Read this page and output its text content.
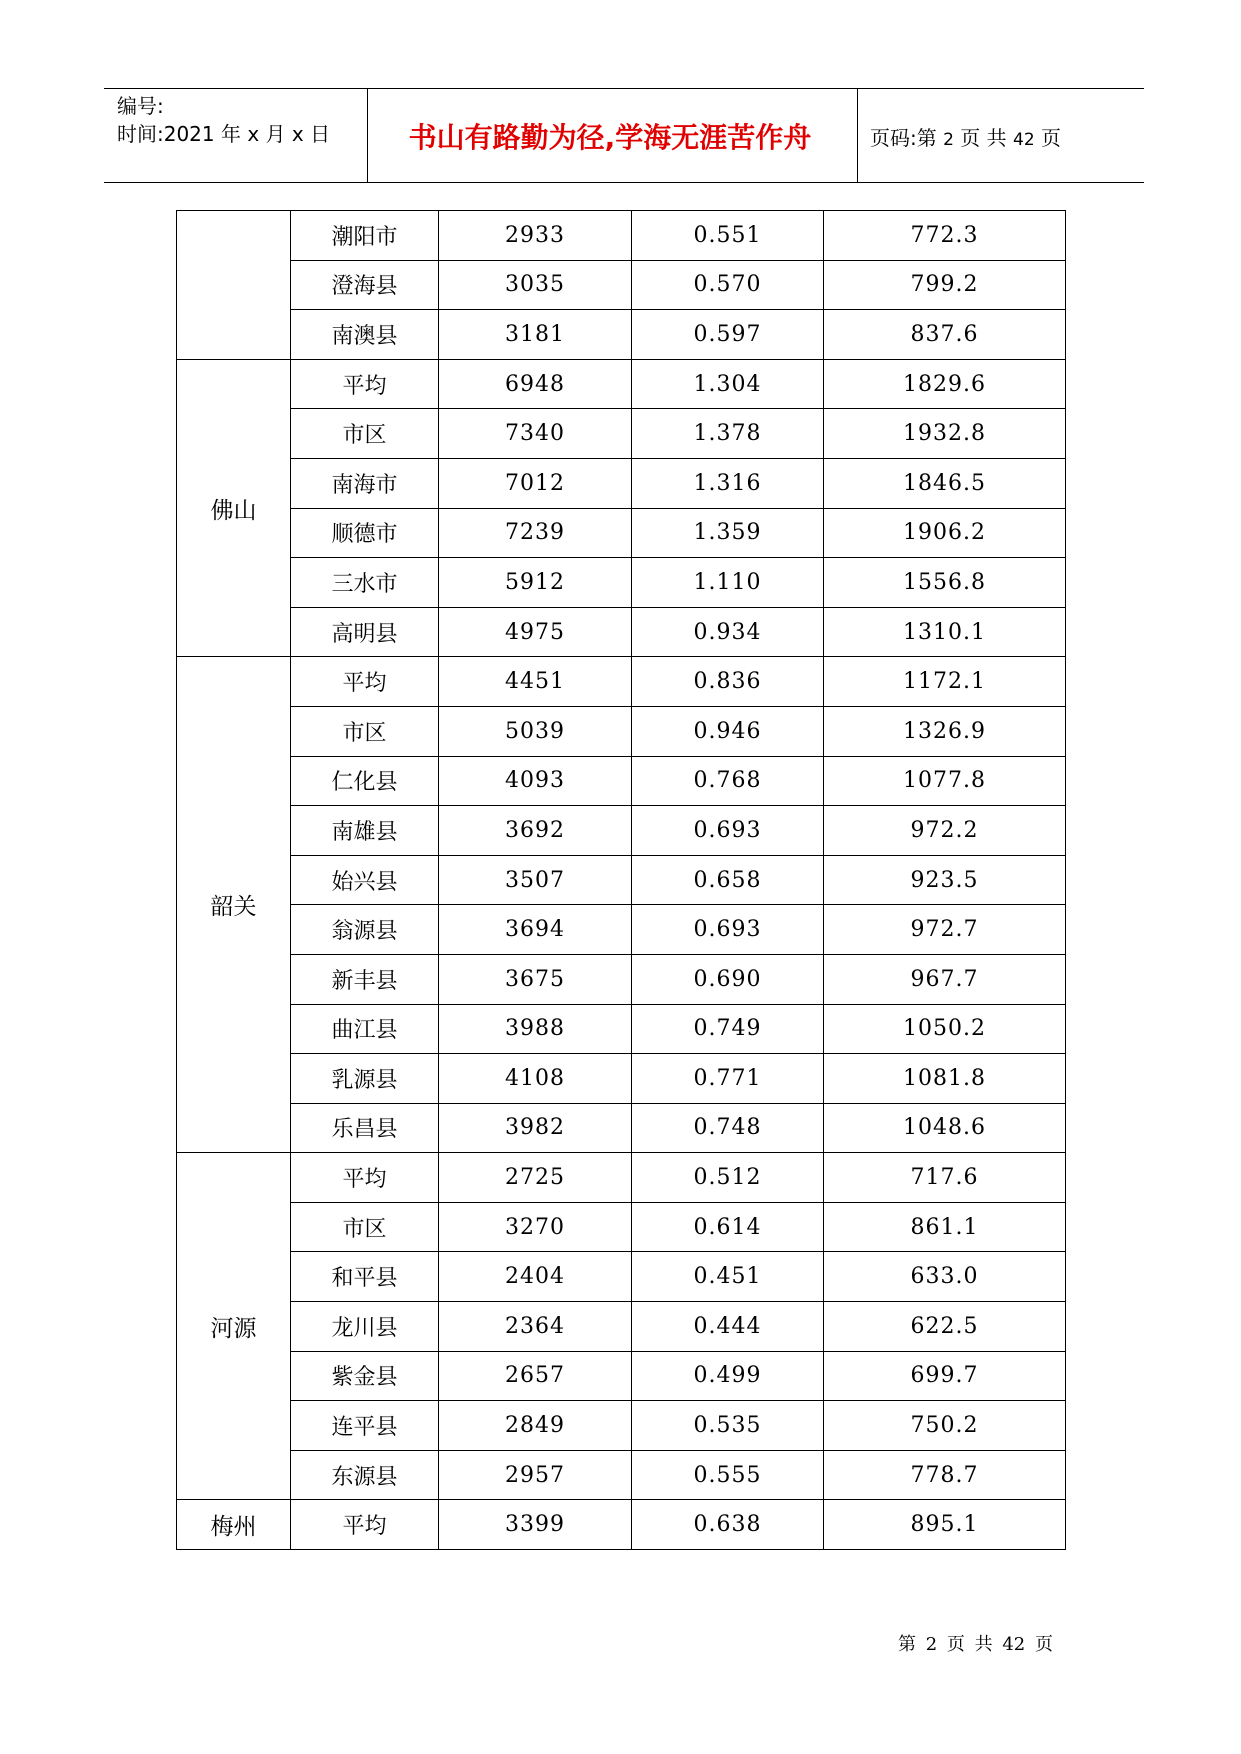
编号:
时间:2021 年 x 月 x 日	书山有路勤为径,学海无涯苦作舟	页码:第 2 页 共 42 页
	潮阳市	2933	0.551	772.3
	澄海县	3035	0.570	799.2
	南澳县	3181	0.597	837.6
佛山	平均	6948	1.304	1829.6
	市区	7340	1.378	1932.8
	南海市	7012	1.316	1846.5
	顺德市	7239	1.359	1906.2
	三水市	5912	1.110	1556.8
	高明县	4975	0.934	1310.1
韶关	平均	4451	0.836	1172.1
	市区	5039	0.946	1326.9
	仁化县	4093	0.768	1077.8
	南雄县	3692	0.693	972.2
	始兴县	3507	0.658	923.5
	翁源县	3694	0.693	972.7
	新丰县	3675	0.690	967.7
	曲江县	3988	0.749	1050.2
	乳源县	4108	0.771	1081.8
	乐昌县	3982	0.748	1048.6
河源	平均	2725	0.512	717.6
	市区	3270	0.614	861.1
	和平县	2404	0.451	633.0
	龙川县	2364	0.444	622.5
	紫金县	2657	0.499	699.7
	连平县	2849	0.535	750.2
	东源县	2957	0.555	778.7
梅州	平均	3399	0.638	895.1
第 2 页 共 42 页
